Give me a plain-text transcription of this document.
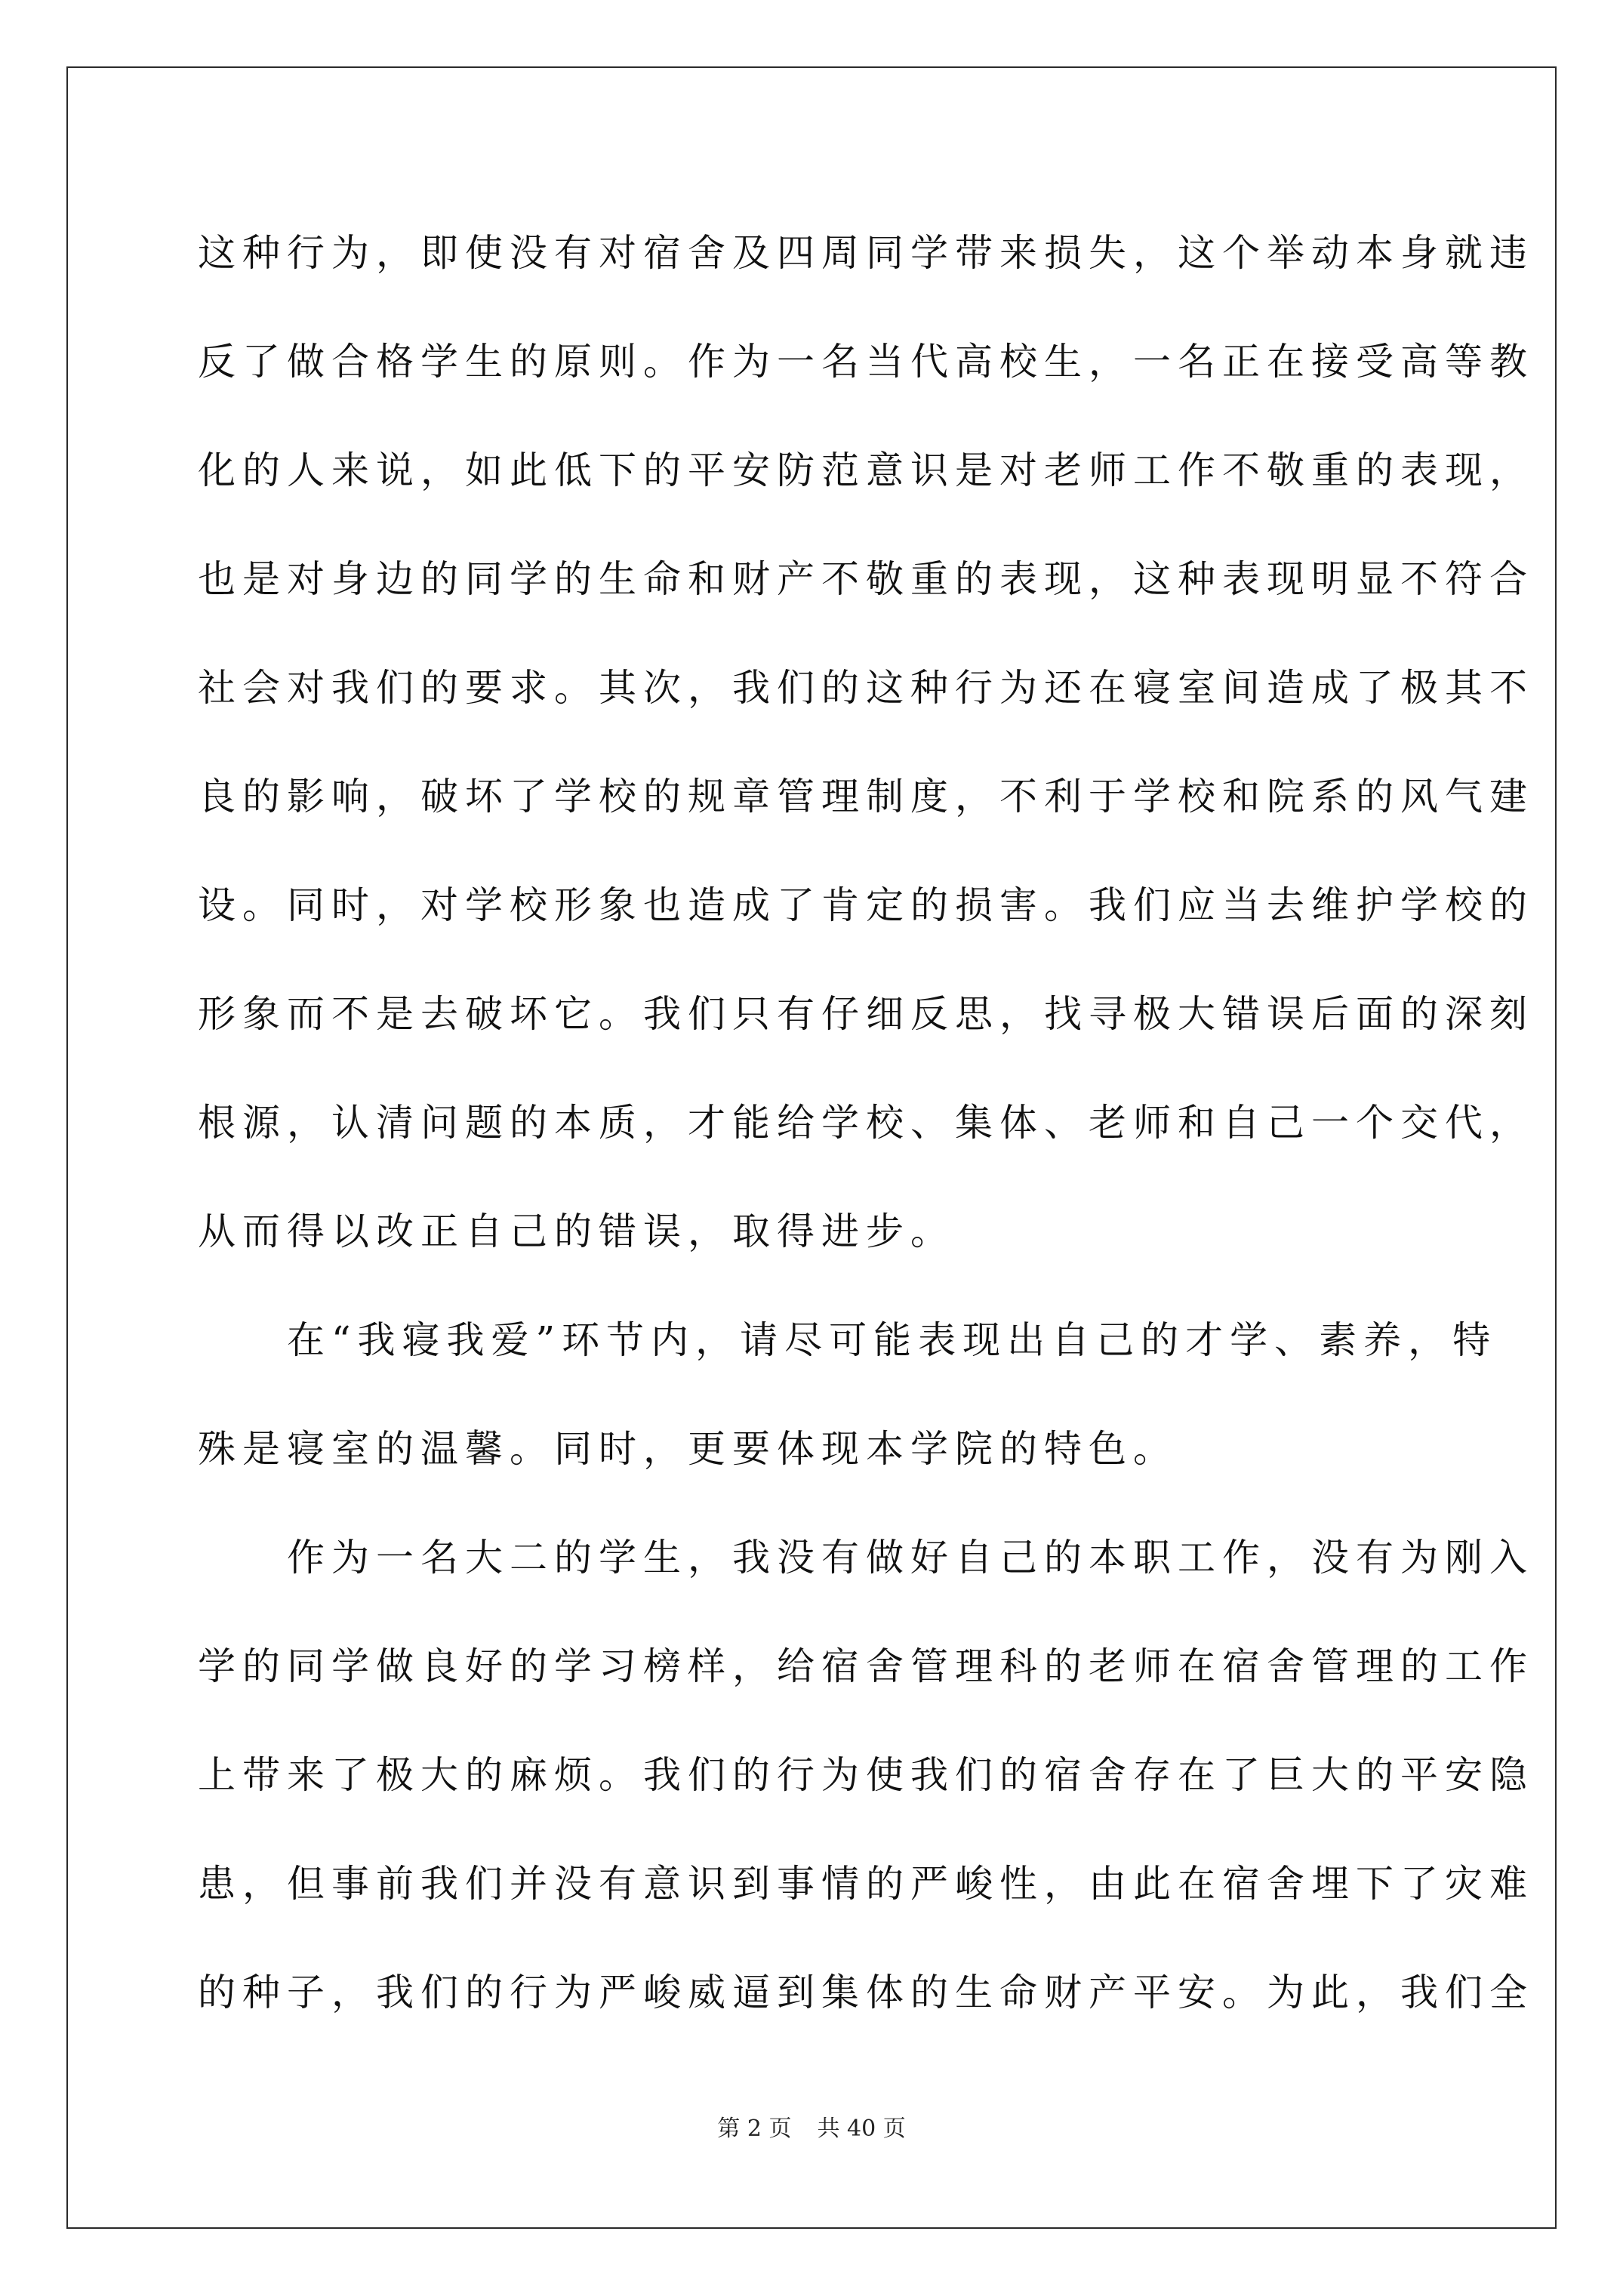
这种行为，即使没有对宿舍及四周同学带来损失，这个举动本身就违
反了做合格学生的原则。作为一名当代高校生，一名正在接受高等教
化的人来说，如此低下的平安防范意识是对老师工作不敬重的表现，
也是对身边的同学的生命和财产不敬重的表现，这种表现明显不符合
社会对我们的要求。其次，我们的这种行为还在寝室间造成了极其不
良的影响，破坏了学校的规章管理制度，不利于学校和院系的风气建
设。同时，对学校形象也造成了肯定的损害。我们应当去维护学校的
形象而不是去破坏它。我们只有仔细反思，找寻极大错误后面的深刻
根源，认清问题的本质，才能给学校、集体、老师和自己一个交代，
从而得以改正自己的错误，取得进步。
在“我寝我爱”环节内，请尽可能表现出自己的才学、素养，特
殊是寝室的温馨。同时，更要体现本学院的特色。
作为一名大二的学生，我没有做好自己的本职工作，没有为刚入
学的同学做良好的学习榜样，给宿舍管理科的老师在宿舍管理的工作
上带来了极大的麻烦。我们的行为使我们的宿舍存在了巨大的平安隐
患，但事前我们并没有意识到事情的严峻性，由此在宿舍埋下了灾难
的种子，我们的行为严峻威逼到集体的生命财产平安。为此，我们全
第 2 页 共 40 页
